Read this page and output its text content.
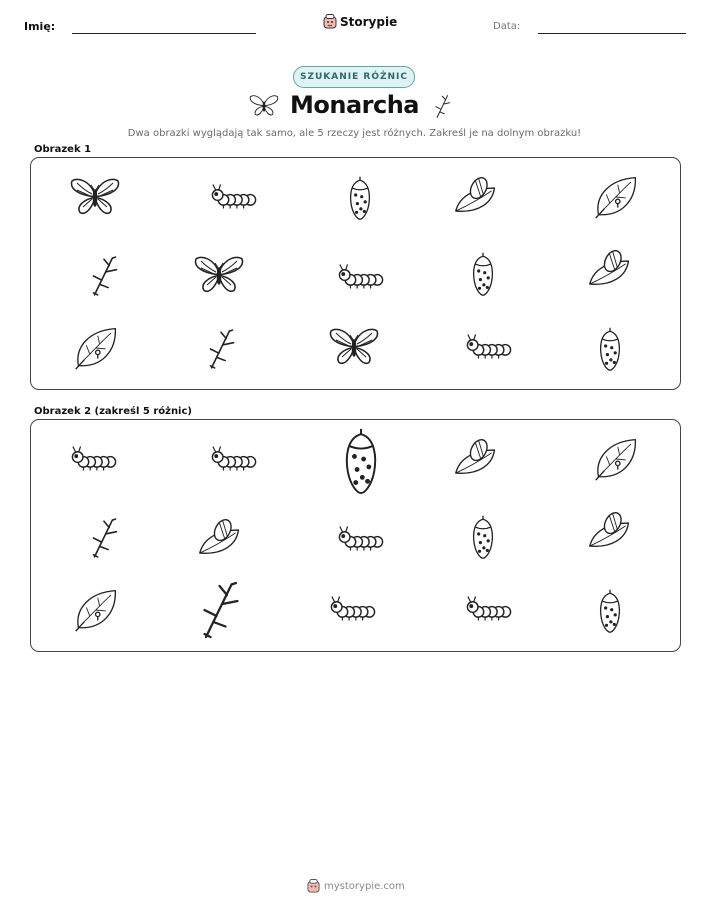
Imię:	Storypie	Data:
SZUKANIE RÓŻNIC
Monarcha
Dwa obrazki wyglądają tak samo, ale 5 rzeczy jest różnych. Zakreśl je na dolnym obrazku!
Obrazek 1
Obrazek 2 (zakreśl 5 różnic)
mystorypie.com
